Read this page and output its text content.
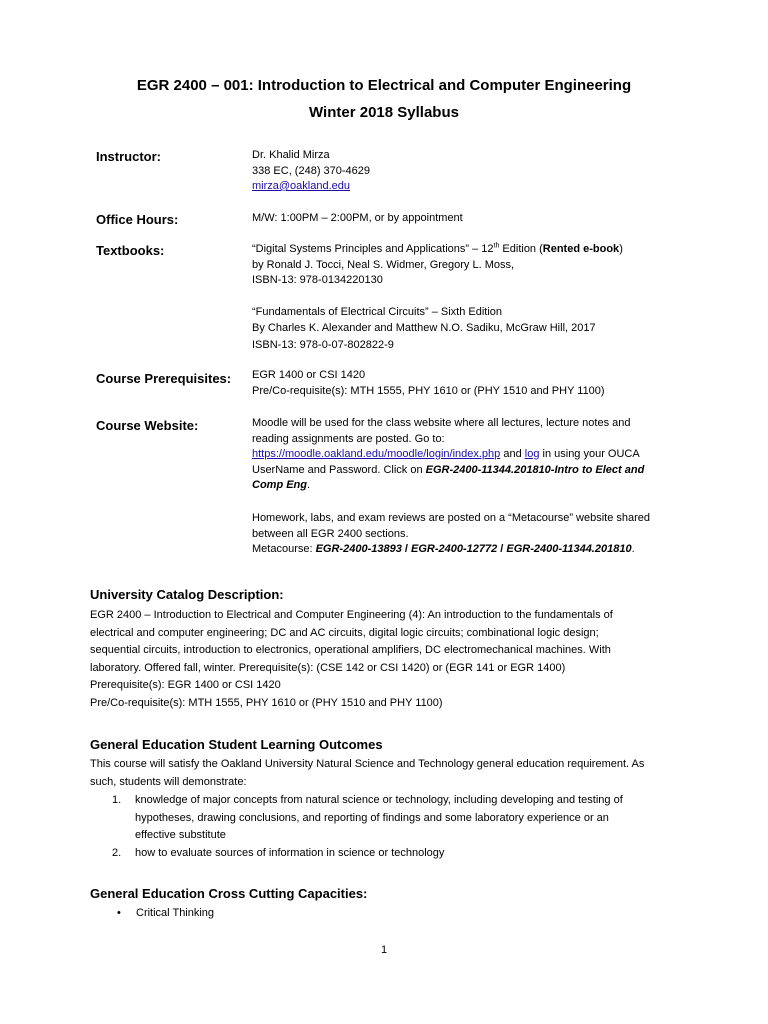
EGR 2400 – 001: Introduction to Electrical and Computer Engineering
Winter 2018 Syllabus
Instructor:	Dr. Khalid Mirza
338 EC, (248) 370-4629
mirza@oakland.edu
Office Hours:	M/W: 1:00PM – 2:00PM, or by appointment
Textbooks:	“Digital Systems Principles and Applications” – 12th Edition (Rented e-book)
by Ronald J. Tocci, Neal S. Widmer, Gregory L. Moss,
ISBN-13: 978-0134220130
“Fundamentals of Electrical Circuits” – Sixth Edition
By Charles K. Alexander and Matthew N.O. Sadiku, McGraw Hill, 2017
ISBN-13: 978-0-07-802822-9
Course Prerequisites: EGR 1400 or CSI 1420
Pre/Co-requisite(s): MTH 1555, PHY 1610 or (PHY 1510 and PHY 1100)
Course Website:	Moodle will be used for the class website where all lectures, lecture notes and
reading assignments are posted. Go to:
https://moodle.oakland.edu/moodle/login/index.php and log in using your OUCA
UserName and Password. Click on EGR-2400-11344.201810-Intro to Elect and
Comp Eng.
Homework, labs, and exam reviews are posted on a “Metacourse” website shared
between all EGR 2400 sections.
Metacourse: EGR-2400-13893 / EGR-2400-12772 / EGR-2400-11344.201810.
University Catalog Description:
EGR 2400 – Introduction to Electrical and Computer Engineering (4): An introduction to the fundamentals of
electrical and computer engineering; DC and AC circuits, digital logic circuits; combinational logic design;
sequential circuits, introduction to electronics, operational amplifiers, DC electromechanical machines. With
laboratory. Offered fall, winter. Prerequisite(s): (CSE 142 or CSI 1420) or (EGR 141 or EGR 1400)
Prerequisite(s): EGR 1400 or CSI 1420
Pre/Co-requisite(s): MTH 1555, PHY 1610 or (PHY 1510 and PHY 1100)
General Education Student Learning Outcomes
This course will satisfy the Oakland University Natural Science and Technology general education requirement. As
such, students will demonstrate:
1. knowledge of major concepts from natural science or technology, including developing and testing of
hypotheses, drawing conclusions, and reporting of findings and some laboratory experience or an
effective substitute
2. how to evaluate sources of information in science or technology
General Education Cross Cutting Capacities:
• Critical Thinking
1
